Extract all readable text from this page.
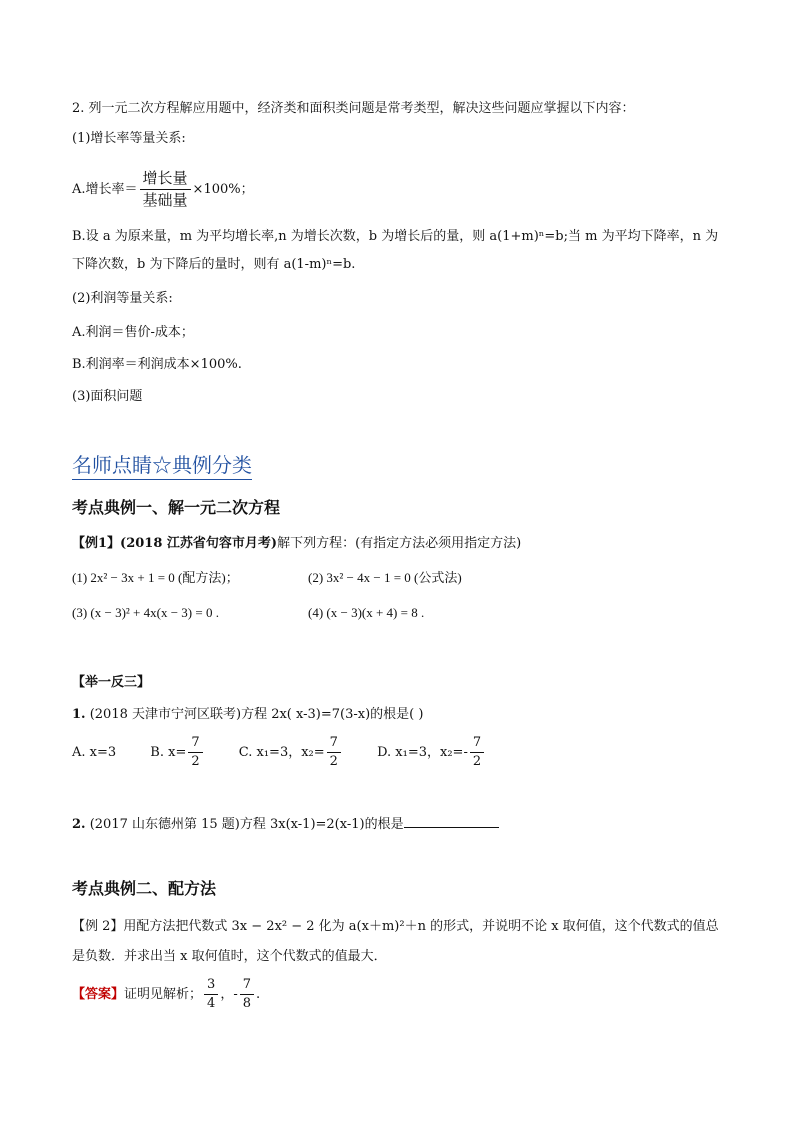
2. 列一元二次方程解应用题中，经济类和面积类问题是常考类型，解决这些问题应掌握以下内容：
(1)增长率等量关系:
A.增长率＝ $\frac{\text{增长量}}{\text{基础量}} \times 100\%$；
B.设 a 为原来量，m 为平均增长率,n 为增长次数，b 为增长后的量，则 a(1+m)ⁿ=b;当 m 为平均下降率，n 为
下降次数，b 为下降后的量时，则有 a(1-m)ⁿ=b.
(2)利润等量关系:
A.利润＝售价-成本；
B.利润率＝利润成本×100%.
(3)面积问题
名师点睛☆典例分类
考点典例一、解一元二次方程
【例1】(2018 江苏省句容市月考)解下列方程：(有指定方法必须用指定方法)
(1) 2x² − 3x + 1 = 0 (配方法)；	(2) 3x² − 4x − 1 = 0 (公式法)
(3) (x − 3)² + 4x(x − 3) = 0 .	(4) (x − 3)(x + 4) = 8 .
【举一反三】
1. (2018 天津市宁河区联考)方程 2x( x-3)=7(3-x)的根是( )
A. x=3	B. $x= \frac{7}{2}$	C. x₁=3，$x_2= \frac{7}{2}$	D. x₁=3，$x_2=- \frac{7}{2}$
2. (2017 山东德州第 15 题)方程 3x(x-1)=2(x-1)的根是
考点典例二、配方法
【例 2】用配方法把代数式 3x − 2x² − 2 化为 a(x＋m)²＋n 的形式，并说明不论 x 取何值，这个代数式的值总
是负数．并求出当 x 取何值时，这个代数式的值最大．
【答案】证明见解析； $\frac{3}{4}$ ，- $\frac{7}{8}$ .
